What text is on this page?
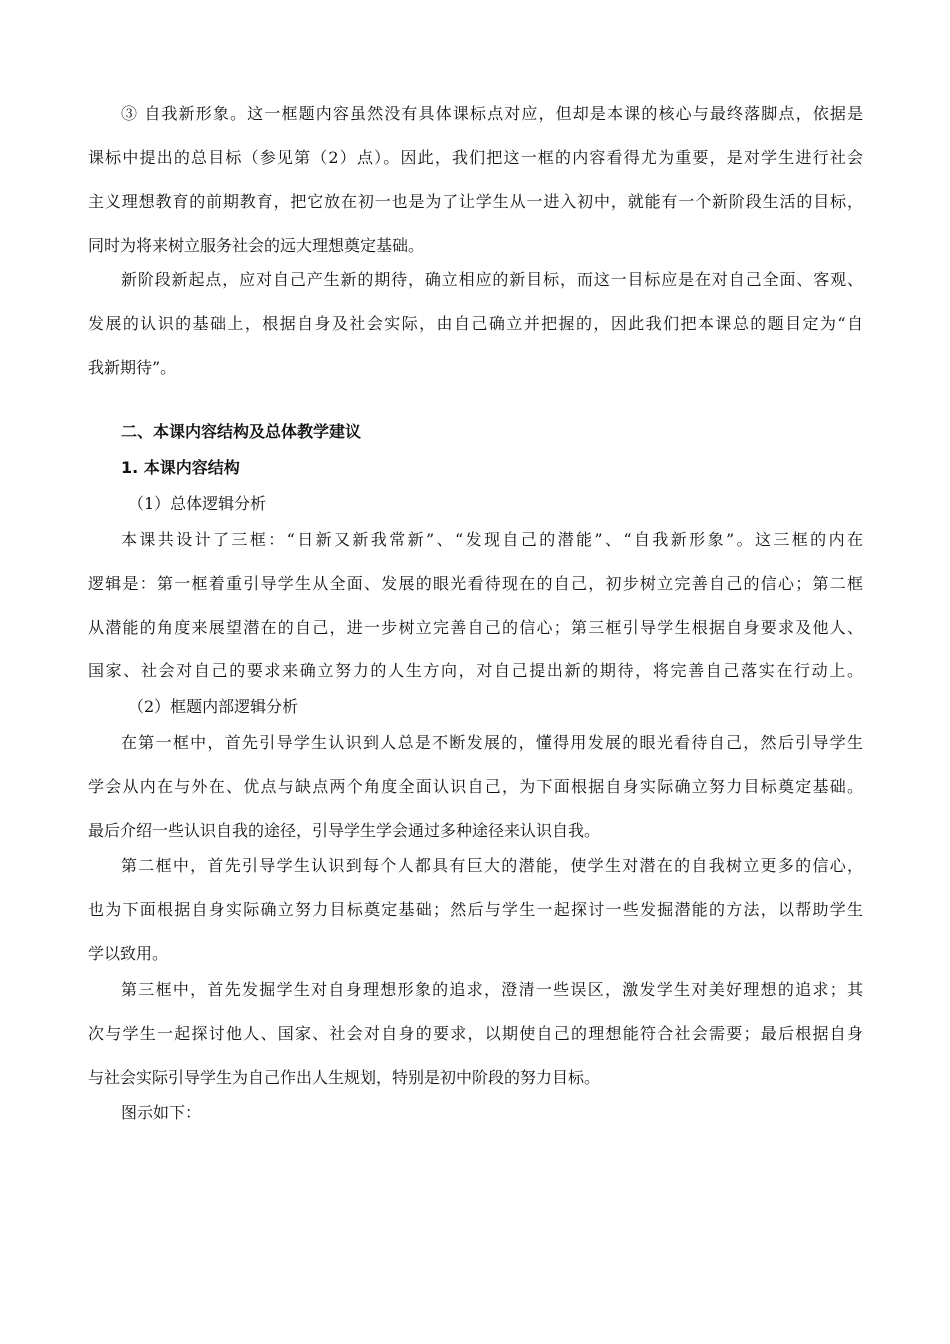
③ 自我新形象。这一框题内容虽然没有具体课标点对应，但却是本课的核心与最终落脚点，依据是
课标中提出的总目标（参见第（2）点）。因此，我们把这一框的内容看得尤为重要，是对学生进行社会
主义理想教育的前期教育，把它放在初一也是为了让学生从一进入初中，就能有一个新阶段生活的目标，
同时为将来树立服务社会的远大理想奠定基础。
新阶段新起点，应对自己产生新的期待，确立相应的新目标，而这一目标应是在对自己全面、客观、
发展的认识的基础上，根据自身及社会实际，由自己确立并把握的，因此我们把本课总的题目定为“自
我新期待”。
二、本课内容结构及总体教学建议
1. 本课内容结构
（1）总体逻辑分析
本课共设计了三框：“日新又新我常新”、“发现自己的潜能”、“自我新形象”。这三框的内在
逻辑是：第一框着重引导学生从全面、发展的眼光看待现在的自己，初步树立完善自己的信心；第二框
从潜能的角度来展望潜在的自己，进一步树立完善自己的信心；第三框引导学生根据自身要求及他人、
国家、社会对自己的要求来确立努力的人生方向，对自己提出新的期待，将完善自己落实在行动上。
（2）框题内部逻辑分析
在第一框中，首先引导学生认识到人总是不断发展的，懂得用发展的眼光看待自己，然后引导学生
学会从内在与外在、优点与缺点两个角度全面认识自己，为下面根据自身实际确立努力目标奠定基础。
最后介绍一些认识自我的途径，引导学生学会通过多种途径来认识自我。
第二框中，首先引导学生认识到每个人都具有巨大的潜能，使学生对潜在的自我树立更多的信心，
也为下面根据自身实际确立努力目标奠定基础；然后与学生一起探讨一些发掘潜能的方法，以帮助学生
学以致用。
第三框中，首先发掘学生对自身理想形象的追求，澄清一些误区，激发学生对美好理想的追求；其
次与学生一起探讨他人、国家、社会对自身的要求，以期使自己的理想能符合社会需要；最后根据自身
与社会实际引导学生为自己作出人生规划，特别是初中阶段的努力目标。
图示如下：
